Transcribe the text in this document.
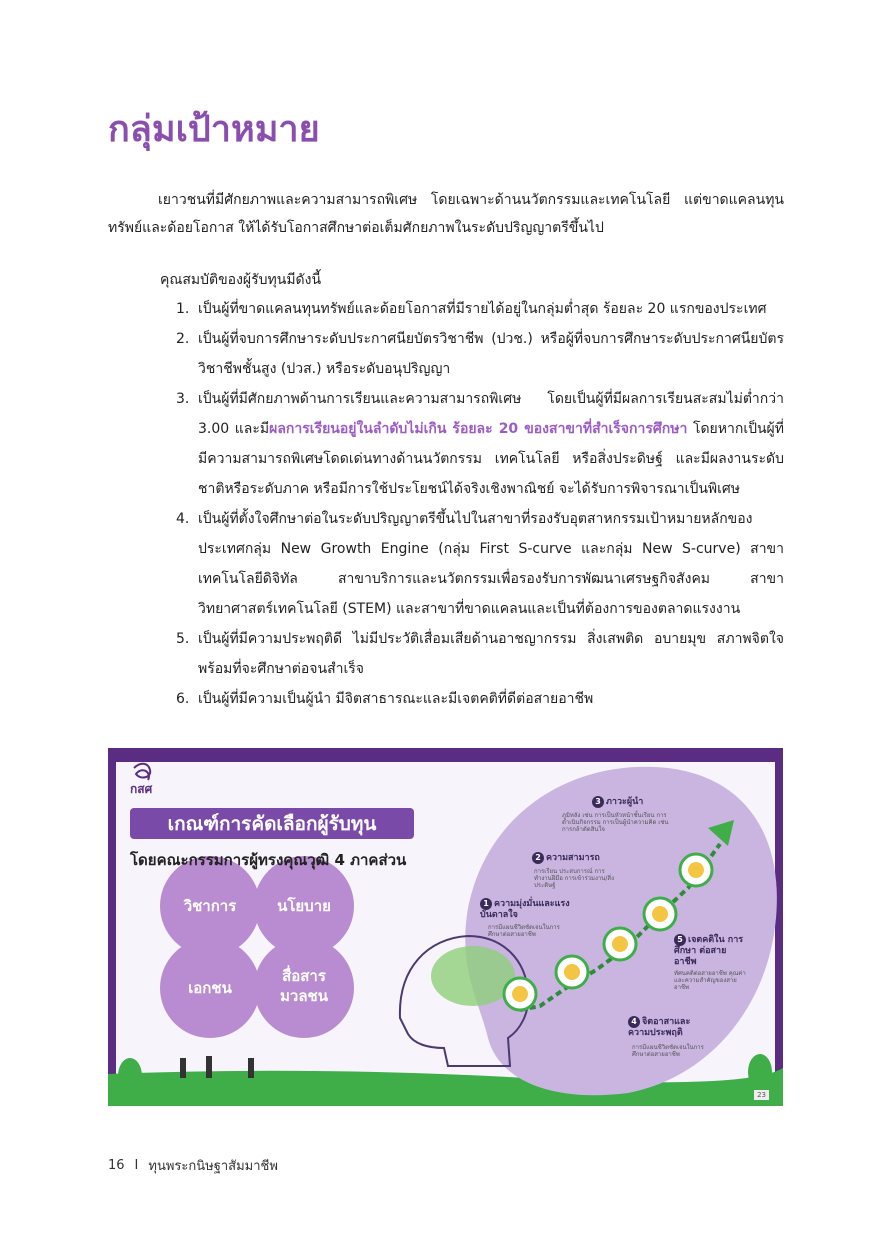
กลุ่มเป้าหมาย

เยาวชนที่มีศักยภาพและความสามารถพิเศษ โดยเฉพาะด้านนวัตกรรมและเทคโนโลยี แต่ขาดแคลนทุนทรัพย์และด้อยโอกาส ให้ได้รับโอกาสศึกษาต่อเต็มศักยภาพในระดับปริญญาตรีขึ้นไป

คุณสมบัติของผู้รับทุนมีดังนี้

1. เป็นผู้ที่ขาดแคลนทุนทรัพย์และด้อยโอกาสที่มีรายได้อยู่ในกลุ่มต่ำสุด ร้อยละ 20 แรกของประเทศ
2. เป็นผู้ที่จบการศึกษาระดับประกาศนียบัตรวิชาชีพ (ปวช.) หรือผู้ที่จบการศึกษาระดับประกาศนียบัตรวิชาชีพชั้นสูง (ปวส.) หรือระดับอนุปริญญา
3. เป็นผู้ที่มีศักยภาพด้านการเรียนและความสามารถพิเศษ โดยเป็นผู้ที่มีผลการเรียนสะสมไม่ต่ำกว่า 3.00 และมีผลการเรียนอยู่ในลำดับไม่เกิน ร้อยละ 20 ของสาขาที่สำเร็จการศึกษา โดยหากเป็นผู้ที่มีความสามารถพิเศษโดดเด่นทางด้านนวัตกรรม เทคโนโลยี หรือสิ่งประดิษฐ์ และมีผลงานระดับชาติหรือระดับภาค หรือมีการใช้ประโยชน์ได้จริงเชิงพาณิชย์ จะได้รับการพิจารณาเป็นพิเศษ
4. เป็นผู้ที่ตั้งใจศึกษาต่อในระดับปริญญาตรีขึ้นไปในสาขาที่รองรับอุตสาหกรรมเป้าหมายหลักของประเทศกลุ่ม New Growth Engine (กลุ่ม First S-curve และกลุ่ม New S-curve) สาขาเทคโนโลยีดิจิทัล สาขาบริการและนวัตกรรมเพื่อรองรับการพัฒนาเศรษฐกิจสังคม สาขาวิทยาศาสตร์เทคโนโลยี (STEM) และสาขาที่ขาดแคลนและเป็นที่ต้องการของตลาดแรงงาน
5. เป็นผู้ที่มีความประพฤติดี ไม่มีประวัติเสื่อมเสียด้านอาชญากรรม สิ่งเสพติด อบายมุข สภาพจิตใจพร้อมที่จะศึกษาต่อจนสำเร็จ
6. เป็นผู้ที่มีความเป็นผู้นำ มีจิตสาธารณะและมีเจตคติที่ดีต่อสายอาชีพ
กสศ
เกณฑ์การคัดเลือกผู้รับทุน
โดยคณะกรรมการผู้ทรงคุณวุฒิ 4 ภาคส่วน
วิชาการ	นโยบาย
เอกชน
สื่อสาร มวลชน
1 ความมุ่งมั่นและแรงบันดาลใจ
การมีแผนชีวิตชัดเจนในการศึกษาต่อสายอาชีพ
2 ความสามารถ
การเรียน ประสบการณ์ การทำงานฝีมือ การเข้าร่วมงาน/สิ่งประดิษฐ์
3 ภาวะผู้นำ
ภูมิหลัง เช่น การเป็นหัวหน้าชั้นเรียน การดำเนินกิจกรรม การเป็นผู้นำความคิด เช่น การกล้าตัดสินใจ
4 จิตอาสาและความประพฤติ
การมีแผนชีวิตชัดเจนในการศึกษาต่อสายอาชีพ
5 เจตคติใน การศึกษา ต่อสายอาชีพ
ทัศนคติต่อสายอาชีพ คุณค่าและความสำคัญของสายอาชีพ
23
16 I ทุนพระกนิษฐาสัมมาชีพ
